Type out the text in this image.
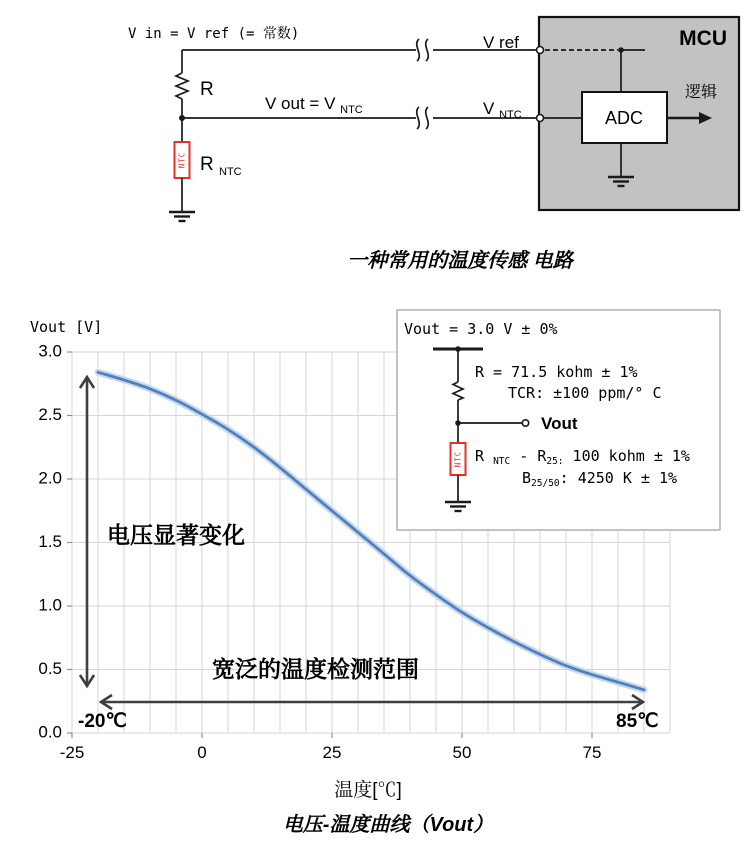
MCU
NTC
V in = V ref (= 常数)	V ref
V out = V $_{NTC}$	V $_{NTC}$
R
R $_{NTC}$
ADC
逻辑
一种常用的温度传感 电路
电压显著变化
宽泛的温度检测范围
-20℃	85℃
3.0
2.5
2.0
1.5
1.0
0.5
0.0
-25	0	25	50	75
Vout [V]
温度[℃]
电压-温度曲线（Vout）
Vout = 3.0 V ± 0%
Vout
NTC
R = 71.5 kohm ± 1%
TCR: ±100 ppm/° C
R $_{NTC} - R_{25:}$ 100 kohm ± 1%
$B_{25/50}$: 4250 K ± 1%
